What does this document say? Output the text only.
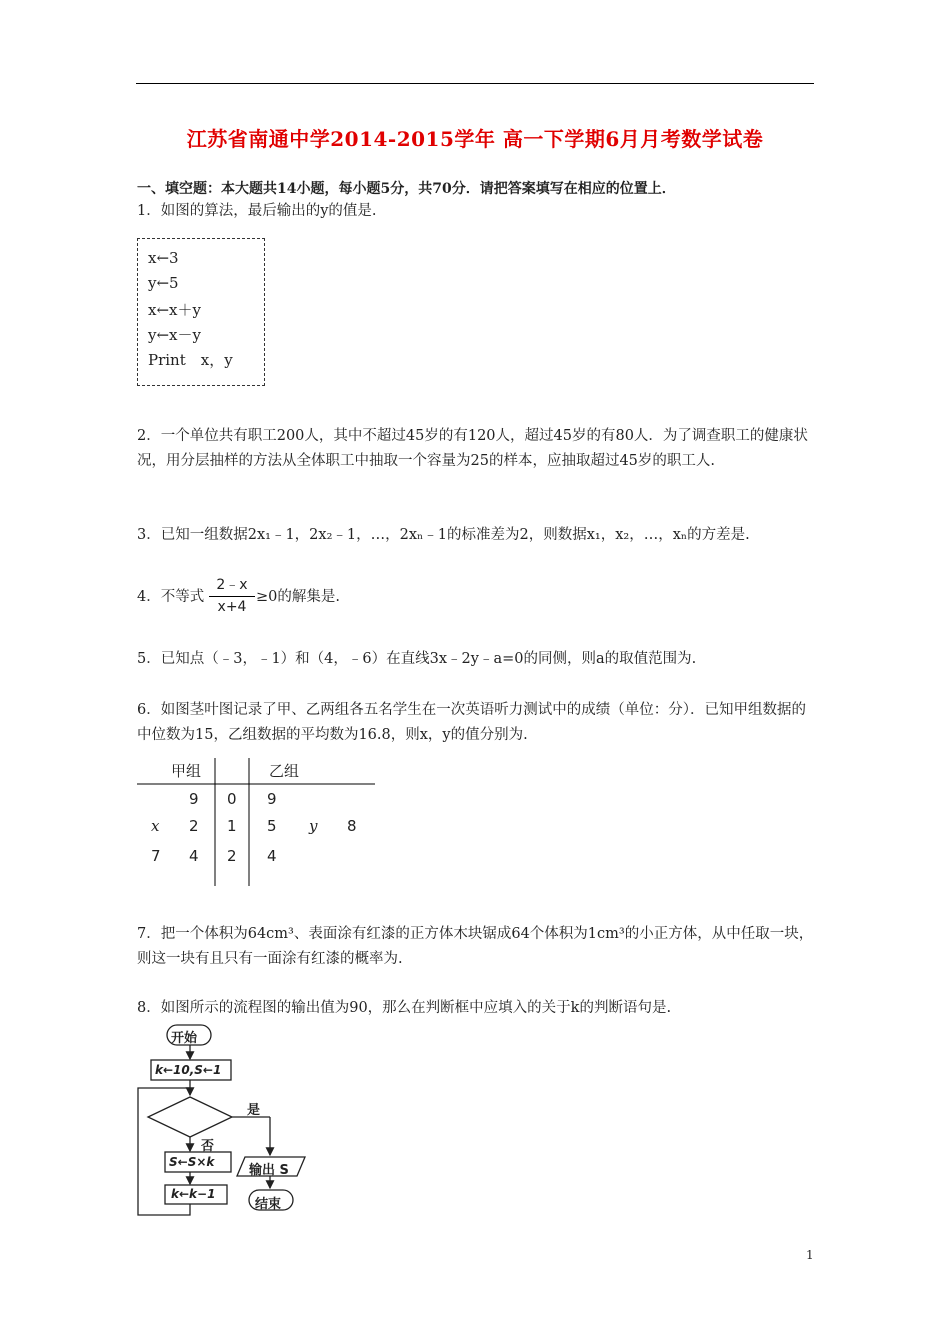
江苏省南通中学2014-2015学年 高一下学期6月月考数学试卷
一、填空题：本大题共14小题，每小题5分，共70分．请把答案填写在相应的位置上．
1．如图的算法，最后输出的y的值是.
x←3
y←5
x←x＋y
y←x－y
Print　x，y
2．一个单位共有职工200人，其中不超过45岁的有120人，超过45岁的有80人．为了调查职工的健康状况，用分层抽样的方法从全体职工中抽取一个容量为25的样本，应抽取超过45岁的职工人.
3．已知一组数据2x₁﹣1，2x₂﹣1，…，2xₙ﹣1的标准差为2，则数据x₁，x₂，…，xₙ的方差是.
4．不等式
2﹣x
x+4
≥0的解集是.
5．已知点（﹣3，﹣1）和（4，﹣6）在直线3x﹣2y﹣a=0的同侧，则a的取值范围为.
6．如图茎叶图记录了甲、乙两组各五名学生在一次英语听力测试中的成绩（单位：分）．已知甲组数据的中位数为15，乙组数据的平均数为16.8，则x，y的值分别为.
甲组	乙组
9 0 9
x 2 1 5 y 8
7 4 2 4
7．把一个体积为64cm³、表面涂有红漆的正方体木块锯成64个体积为1cm³的小正方体，从中任取一块，则这一块有且只有一面涂有红漆的概率为.
8．如图所示的流程图的输出值为90，那么在判断框中应填入的关于k的判断语句是.
开始
k←10,S←1
是
否
S←S×k
k←k−1
输出 S
结束
1
